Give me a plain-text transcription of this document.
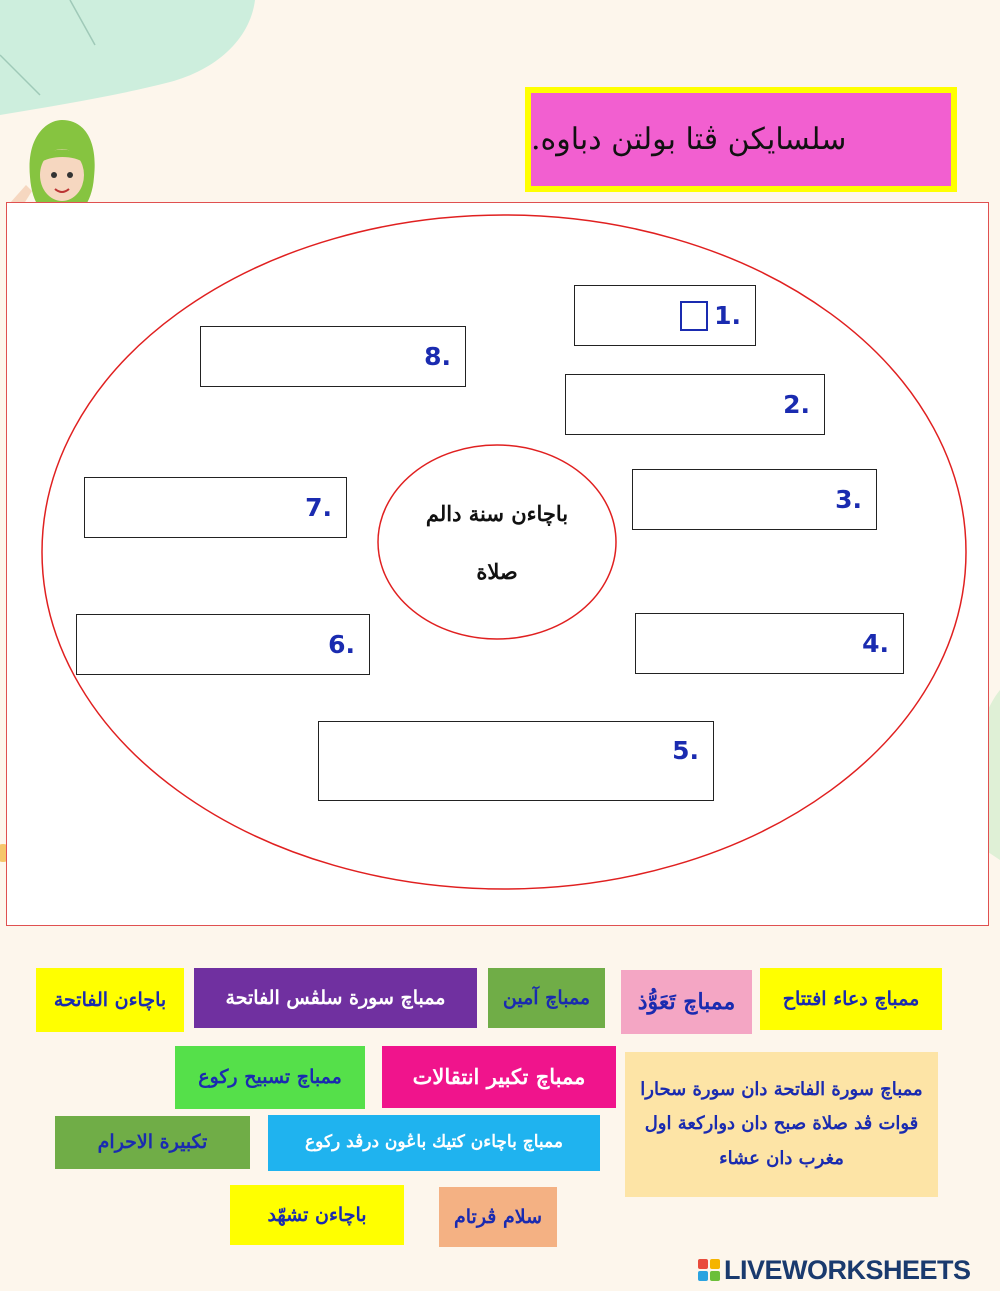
سلسايكن ڤتا بولتن دباوه.
باچاءن سنة دالم
صلاة
1.
2.
3.
4.
5.
6.
7.
8.
باچاءن الفاتحة	ممباچ سورة سلڤس الفاتحة	ممباچ آمين	ممباچ تَعَوُّذ	ممباچ دعاء افتتاح
ممباچ تسبيح ركوع	ممباچ تكبير انتقالات
ممباچ سورة الفاتحة دان سورة سحارا قوات ڤد صلاة صبح دان دواركعة اول مغرب دان عشاء
تكبيرة الاحرام	ممباچ باچاءن كتيك باڠون درڤد ركوع
باچاءن تشهّد	سلام ڤرتام
LIVEWORKSHEETS
